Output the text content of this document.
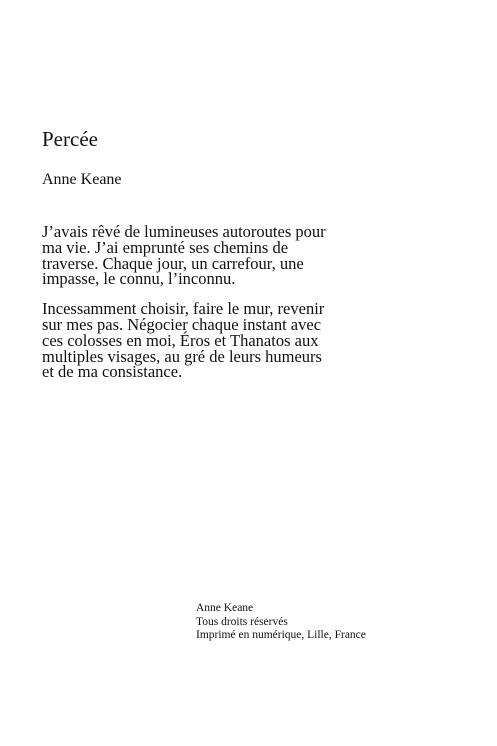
Percée

Anne Keane

J’avais rêvé de lumineuses autoroutes pour
ma vie. J’ai emprunté ses chemins de
traverse. Chaque jour, un carrefour, une
impasse, le connu, l’inconnu.

Incessamment choisir, faire le mur, revenir
sur mes pas. Négocier chaque instant avec
ces colosses en moi, Éros et Thanatos aux
multiples visages, au gré de leurs humeurs
et de ma consistance.

Anne Keane
Tous droits réservés
Imprimé en numérique, Lille, France
